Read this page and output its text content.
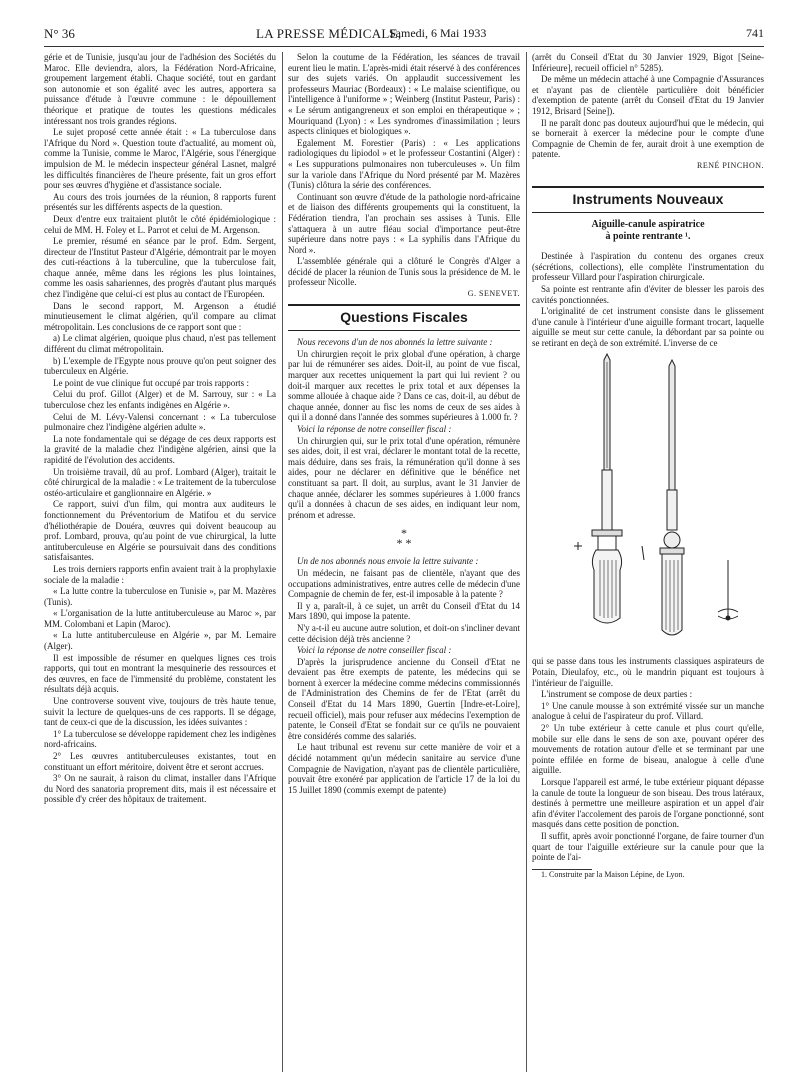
N° 36	LA PRESSE MÉDICALE,
Samedi, 6 Mai 1933	741

gérie et de Tunisie, jusqu'au jour de l'adhésion des Sociétés du Maroc. Elle deviendra, alors, la Fédération Nord-Africaine, groupement largement établi. Chaque société, tout en gardant son autonomie et son égalité avec les autres, apportera sa puissance d'étude à l'œuvre commune : le dépouillement théorique et pratique de toutes les questions médicales intéressant nos trois grandes régions.

Le sujet proposé cette année était : « La tuberculose dans l'Afrique du Nord ». Question toute d'actualité, au moment où, comme la Tunisie, comme le Maroc, l'Algérie, sous l'énergique impulsion de M. le médecin inspecteur général Lasnet, malgré les difficultés financières de l'heure présente, fait un gros effort pour ses œuvres d'hygiène et d'assistance sociale.

Au cours des trois journées de la réunion, 8 rapports furent présentés sur les différents aspects de la question.

Deux d'entre eux traitaient plutôt le côté épidémiologique : celui de MM. H. Foley et L. Parrot et celui de M. Argenson.

Le premier, résumé en séance par le prof. Edm. Sergent, directeur de l'Institut Pasteur d'Algérie, démontrait par le moyen des cuti-réactions à la tuberculine, que la tuberculose fait, chaque année, même dans les régions les plus lointaines, comme les oasis sahariennes, des progrès d'autant plus marqués chez l'indigène que celui-ci est plus au contact de l'Européen.

Dans le second rapport, M. Argenson a étudié minutieusement le climat algérien, qu'il compare au climat métropolitain. Les conclusions de ce rapport sont que :

a) Le climat algérien, quoique plus chaud, n'est pas tellement différent du climat métropolitain.

b) L'exemple de l'Egypte nous prouve qu'on peut soigner des tuberculeux en Algérie.

Le point de vue clinique fut occupé par trois rapports :

Celui du prof. Gillot (Alger) et de M. Sarrouy, sur : « La tuberculose chez les enfants indigènes en Algérie ».

Celui de M. Lévy-Valensi concernant : « La tuberculose pulmonaire chez l'indigène algérien adulte ».

La note fondamentale qui se dégage de ces deux rapports est la gravité de la maladie chez l'indigène algérien, ainsi que la rapidité de l'évolution des accidents.

Un troisième travail, dû au prof. Lombard (Alger), traitait le côté chirurgical de la maladie : « Le traitement de la tuberculose ostéo-articulaire et ganglionnaire en Algérie. »

Ce rapport, suivi d'un film, qui montra aux auditeurs le fonctionnement du Préventorium de Matifou et du service d'héliothérapie de Douéra, œuvres qui doivent beaucoup au prof. Lombard, prouva, qu'au point de vue chirurgical, la lutte antituberculeuse en Algérie se poursuivait dans des conditions satisfaisantes.

Les trois derniers rapports enfin avaient trait à la prophylaxie sociale de la maladie :

« La lutte contre la tuberculose en Tunisie », par M. Mazères (Tunis).

« L'organisation de la lutte antituberculeuse au Maroc », par MM. Colombani et Lapin (Maroc).

« La lutte antituberculeuse en Algérie », par M. Lemaire (Alger).

Il est impossible de résumer en quelques lignes ces trois rapports, qui tout en montrant la mesquinerie des ressources et des œuvres, en face de l'immensité du problème, constatent les résultats déjà acquis.

Une controverse souvent vive, toujours de très haute tenue, suivit la lecture de quelques-uns de ces rapports. Il se dégage, tant de ceux-ci que de la discussion, les idées suivantes :

1° La tuberculose se développe rapidement chez les indigènes nord-africains.

2° Les œuvres antituberculeuses existantes, tout en constituant un effort méritoire, doivent être et seront accrues.

3° On ne saurait, à raison du climat, installer dans l'Afrique du Nord des sanatoria proprement dits, mais il est nécessaire et possible d'y créer des hôpitaux de traitement.

Selon la coutume de la Fédération, les séances de travail eurent lieu le matin. L'après-midi était réservé à des conférences sur des sujets variés. On applaudit successivement les professeurs Mauriac (Bordeaux) : « Le malaise scientifique, ou l'intelligence à l'uniforme » ; Weinberg (Institut Pasteur, Paris) : « Le sérum antigangreneux et son emploi en thérapeutique » ; Mouriquand (Lyon) : « Les syndromes d'inassimilation ; leurs aspects cliniques et biologiques ».

Egalement M. Forestier (Paris) : « Les applications radiologiques du lipiodol » et le professeur Costantini (Alger) : « Les suppurations pulmonaires non tuberculeuses ». Un film sur la variole dans l'Afrique du Nord présenté par M. Mazères (Tunis) clôtura la série des conférences.

Continuant son œuvre d'étude de la pathologie nord-africaine et de liaison des différents groupements qui la constituent, la Fédération tiendra, l'an prochain ses assises à Tunis. Elle s'attaquera à un autre fléau social d'importance peut-être supérieure dans notre pays : « La syphilis dans l'Afrique du Nord ».

L'assemblée générale qui a clôturé le Congrès d'Alger a décidé de placer la réunion de Tunis sous la présidence de M. le professeur Nicolle.

G. SENEVET.

Questions Fiscales

Nous recevons d'un de nos abonnés la lettre suivante :

Un chirurgien reçoit le prix global d'une opération, à charge par lui de rémunérer ses aides. Doit-il, au point de vue fiscal, marquer aux recettes uniquement la part qui lui revient ? ou doit-il marquer aux recettes le prix total et aux dépenses la somme allouée à chaque aide ? Dans ce cas, doit-il, au début de chaque année, donner au fisc les noms de ceux de ses aides à qui il a donné dans l'année des sommes supérieures à 1.000 fr. ?

Voici la réponse de notre conseiller fiscal :

Un chirurgien qui, sur le prix total d'une opération, rémunère ses aides, doit, il est vrai, déclarer le montant total de la recette, mais déduire, dans ses frais, la rémunération qu'il donne à ses aides, pour ne déclarer en définitive que le bénéfice net constituant sa part. Il doit, au surplus, avant le 31 Janvier de chaque année, déclarer les sommes supérieures à 1.000 francs qu'il a données à chacun de ses aides, en indiquant leur nom, prénom et adresse.

*
* *

Un de nos abonnés nous envoie la lettre suivante :

Un médecin, ne faisant pas de clientèle, n'ayant que des occupations administratives, entre autres celle de médecin d'une Compagnie de chemin de fer, est-il imposable à la patente ?

Il y a, paraît-il, à ce sujet, un arrêt du Conseil d'Etat du 14 Mars 1890, qui impose la patente.

N'y a-t-il eu aucune autre solution, et doit-on s'incliner devant cette décision déjà très ancienne ?

Voici la réponse de notre conseiller fiscal :

D'après la jurisprudence ancienne du Conseil d'Etat ne devaient pas être exempts de patente, les médecins qui se bornent à exercer la médecine comme médecins commissionnés de l'Administration des Chemins de fer de l'Etat (arrêt du Conseil d'Etat du 14 Mars 1890, Guertin [Indre-et-Loire], recueil officiel), mais pour refuser aux médecins l'exemption de patente, le Conseil d'Etat se fondait sur ce qu'ils ne pouvaient être considérés comme des salariés.

Le haut tribunal est revenu sur cette manière de voir et a décidé notamment qu'un médecin sanitaire au service d'une Compagnie de Navigation, n'ayant pas de clientèle particulière, pouvait être exonéré par application de l'article 17 de la loi du 15 Juillet 1890 (commis exempt de patente)

(arrêt du Conseil d'Etat du 30 Janvier 1929, Bigot [Seine-Inférieure], recueil officiel n° 5285).

De même un médecin attaché à une Compagnie d'Assurances et n'ayant pas de clientèle particulière doit bénéficier d'exemption de patente (arrêt du Conseil d'Etat du 19 Janvier 1912, Brisard [Seine]).

Il ne paraît donc pas douteux aujourd'hui que le médecin, qui se bornerait à exercer la médecine pour le compte d'une Compagnie de Chemin de fer, aurait droit à une exemption de patente.

RENÉ PINCHON.

Instruments Nouveaux
Aiguille-canule aspiratrice
à pointe rentrante ¹.

Destinée à l'aspiration du contenu des organes creux (sécrétions, collections), elle complète l'instrumentation du professeur Villard pour l'aspiration chirurgicale.

Sa pointe est rentrante afin d'éviter de blesser les parois des cavités ponctionnées.

L'originalité de cet instrument consiste dans le glissement d'une canule à l'intérieur d'une aiguille formant trocart, laquelle aiguille se meut sur cette canule, la débordant par sa pointe ou se retirant en deçà de son extrémité. L'inverse de ce

qui se passe dans tous les instruments classiques aspirateurs de Potain, Dieulafoy, etc., où le mandrin piquant est toujours à l'intérieur de l'aiguille.

L'instrument se compose de deux parties :

1° Une canule mousse à son extrémité vissée sur un manche analogue à celui de l'aspirateur du prof. Villard.

2° Un tube extérieur à cette canule et plus court qu'elle, mobile sur elle dans le sens de son axe, pouvant opérer des mouvements de rotation autour d'elle et se terminant par une pointe effilée en forme de biseau, analogue à celle d'une aiguille.

Lorsque l'appareil est armé, le tube extérieur piquant dépasse la canule de toute la longueur de son biseau. Des trous latéraux, destinés à permettre une meilleure aspiration et un appel d'air afin d'éviter l'accolement des parois de l'organe ponctionné, sont masqués dans cette position de ponction.

Il suffit, après avoir ponctionné l'organe, de faire tourner d'un quart de tour l'aiguille extérieure sur la canule pour que la pointe de l'ai-

1. Construite par la Maison Lépine, de Lyon.
